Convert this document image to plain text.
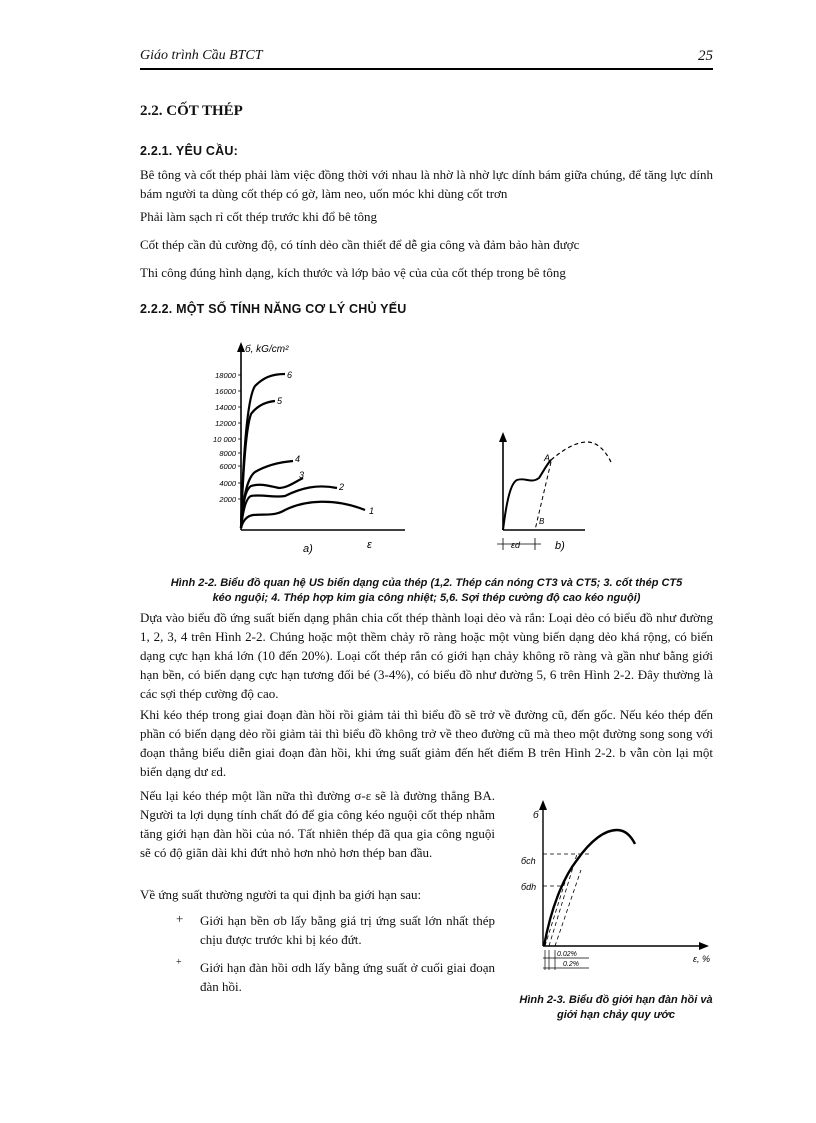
Giáo trình Cầu BTCT	25
2.2. CỐT THÉP
2.2.1. YÊU CẦU:

Bê tông và cốt thép phải làm việc đồng thời với nhau là nhờ là nhờ lực dính bám giữa chúng, để tăng lực dính bám người ta dùng cốt thép có gờ, làm neo, uốn móc khi dùng cốt trơn

Phải làm sạch rỉ cốt thép trước khi đổ bê tông

Cốt thép cần đủ cường độ, có tính dẻo cần thiết để dễ gia công và đảm bảo hàn được

Thi công đúng hình dạng, kích thước và lớp bảo vệ của của cốt thép trong bê tông

2.2.2. MỘT SỐ TÍNH NĂNG CƠ LÝ CHỦ YẾU
б, kG/cm²
ε
18000
16000
14000
12000
10 000
8000
6000
4000
2000
6
5
4
3
2
1
a)
A
B
εd	b)
Hình 2-2. Biểu đồ quan hệ US biến dạng của thép (1,2. Thép cán nóng CT3 và CT5; 3. cốt thép CT5
kéo nguội; 4. Thép hợp kim gia công nhiệt; 5,6. Sợi thép cường độ cao kéo nguội)

Dựa vào biểu đồ ứng suất biến dạng phân chia cốt thép thành loại dẻo và rắn: Loại dẻo có biểu đồ như đường 1, 2, 3, 4 trên Hình 2-2. Chúng hoặc một thềm chảy rõ ràng hoặc một vùng biến dạng dẻo khá rộng, có biến dạng cực hạn khá lớn (10 đến 20%). Loại cốt thép rắn có giới hạn chảy không rõ ràng và gần như bằng giới hạn bền, có biến dạng cực hạn tương đối bé (3-4%), có biểu đồ như đường 5, 6 trên Hình 2-2. Đây thường là các sợi thép cường độ cao.

Khi kéo thép trong giai đoạn đàn hồi rồi giảm tải thì biểu đồ sẽ trở về đường cũ, đến gốc. Nếu kéo thép đến phần có biến dạng dẻo rồi giảm tải thì biểu đồ không trở về theo đường cũ mà theo một đường song song với đoạn thẳng biểu diễn giai đoạn đàn hồi, khi ứng suất giảm đến hết điểm B trên Hình 2-2. b vẫn còn lại một biến dạng dư εd.

Nếu lại kéo thép một lần nữa thì đường σ-ε sẽ là đường thẳng BA. Người ta lợi dụng tính chất đó để gia công kéo nguội cốt thép nhằm tăng giới hạn đàn hồi của nó. Tất nhiên thép đã qua gia công nguội sẽ có độ giãn dài khi đứt nhỏ hơn nhỏ hơn thép ban đầu.

Về ứng suất thường người ta qui định ba giới hạn sau:

+ Giới hạn bền σb lấy bằng giá trị ứng suất lớn nhất thép chịu được trước khi bị kéo đứt.

+ Giới hạn đàn hồi σdh lấy bằng ứng suất ở cuối giai đoạn đàn hồi.

б
ε, %
бch
бdh
0.02%
0.2%
Hình 2-3. Biểu đồ giới hạn đàn hồi và
giới hạn chảy quy ước
